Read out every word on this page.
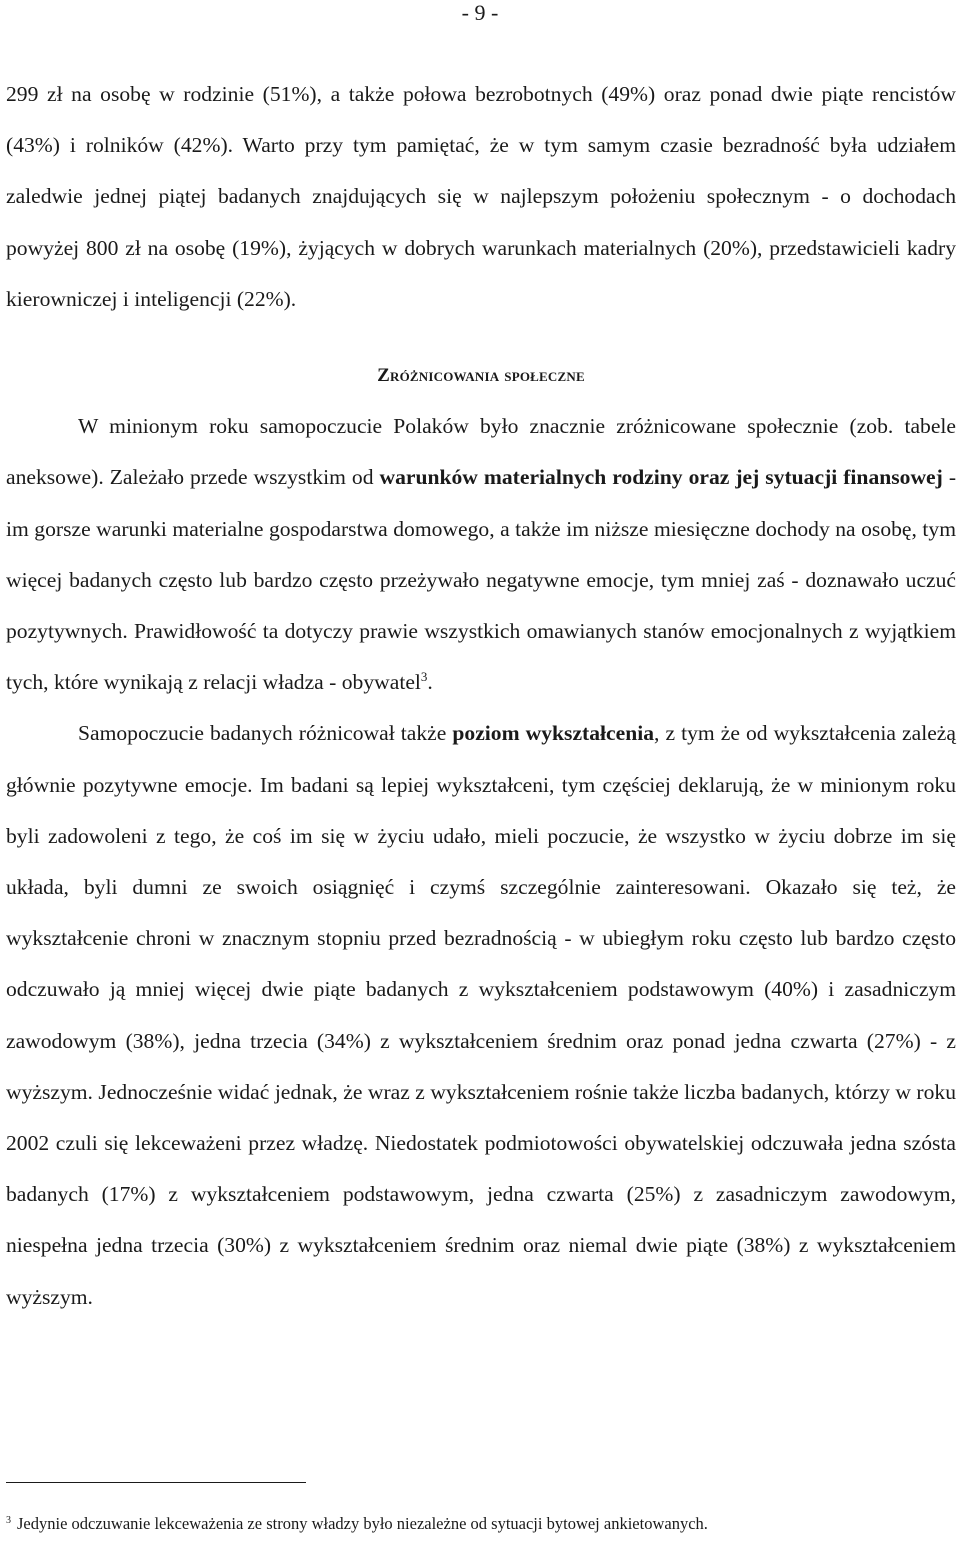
- 9 -

299 zł na osobę w rodzinie (51%), a także połowa bezrobotnych (49%) oraz ponad dwie piąte rencistów (43%) i rolników (42%). Warto przy tym pamiętać, że w tym samym czasie bezradność była udziałem zaledwie jednej piątej badanych znajdujących się w najlepszym położeniu społecznym - o dochodach powyżej 800 zł na osobę (19%), żyjących w dobrych warunkach materialnych (20%), przedstawicieli kadry kierowniczej i inteligencji (22%).

Zróżnicowania społeczne

W minionym roku samopoczucie Polaków było znacznie zróżnicowane społecznie (zob. tabele aneksowe). Zależało przede wszystkim od warunków materialnych rodziny oraz jej sytuacji finansowej - im gorsze warunki materialne gospodarstwa domowego, a także im niższe miesięczne dochody na osobę, tym więcej badanych często lub bardzo często przeżywało negatywne emocje, tym mniej zaś - doznawało uczuć pozytywnych. Prawidłowość ta dotyczy prawie wszystkich omawianych stanów emocjonalnych z wyjątkiem tych, które wynikają z relacji władza - obywatel$^3$.

Samopoczucie badanych różnicował także poziom wykształcenia, z tym że od wykształcenia zależą głównie pozytywne emocje. Im badani są lepiej wykształceni, tym częściej deklarują, że w minionym roku byli zadowoleni z tego, że coś im się w życiu udało, mieli poczucie, że wszystko w życiu dobrze im się układa, byli dumni ze swoich osiągnięć i czymś szczególnie zainteresowani. Okazało się też, że wykształcenie chroni w znacznym stopniu przed bezradnością - w ubiegłym roku często lub bardzo często odczuwało ją mniej więcej dwie piąte badanych z wykształceniem podstawowym (40%) i zasadniczym zawodowym (38%), jedna trzecia (34%) z wykształceniem średnim oraz ponad jedna czwarta (27%) - z wyższym. Jednocześnie widać jednak, że wraz z wykształceniem rośnie także liczba badanych, którzy w roku 2002 czuli się lekceważeni przez władzę. Niedostatek podmiotowości obywatelskiej odczuwała jedna szósta badanych (17%) z wykształceniem podstawowym, jedna czwarta (25%) z zasadniczym zawodowym, niespełna jedna trzecia (30%) z wykształceniem średnim oraz niemal dwie piąte (38%) z wykształceniem wyższym.

$^3$ Jedynie odczuwanie lekceważenia ze strony władzy było niezależne od sytuacji bytowej ankietowanych.
